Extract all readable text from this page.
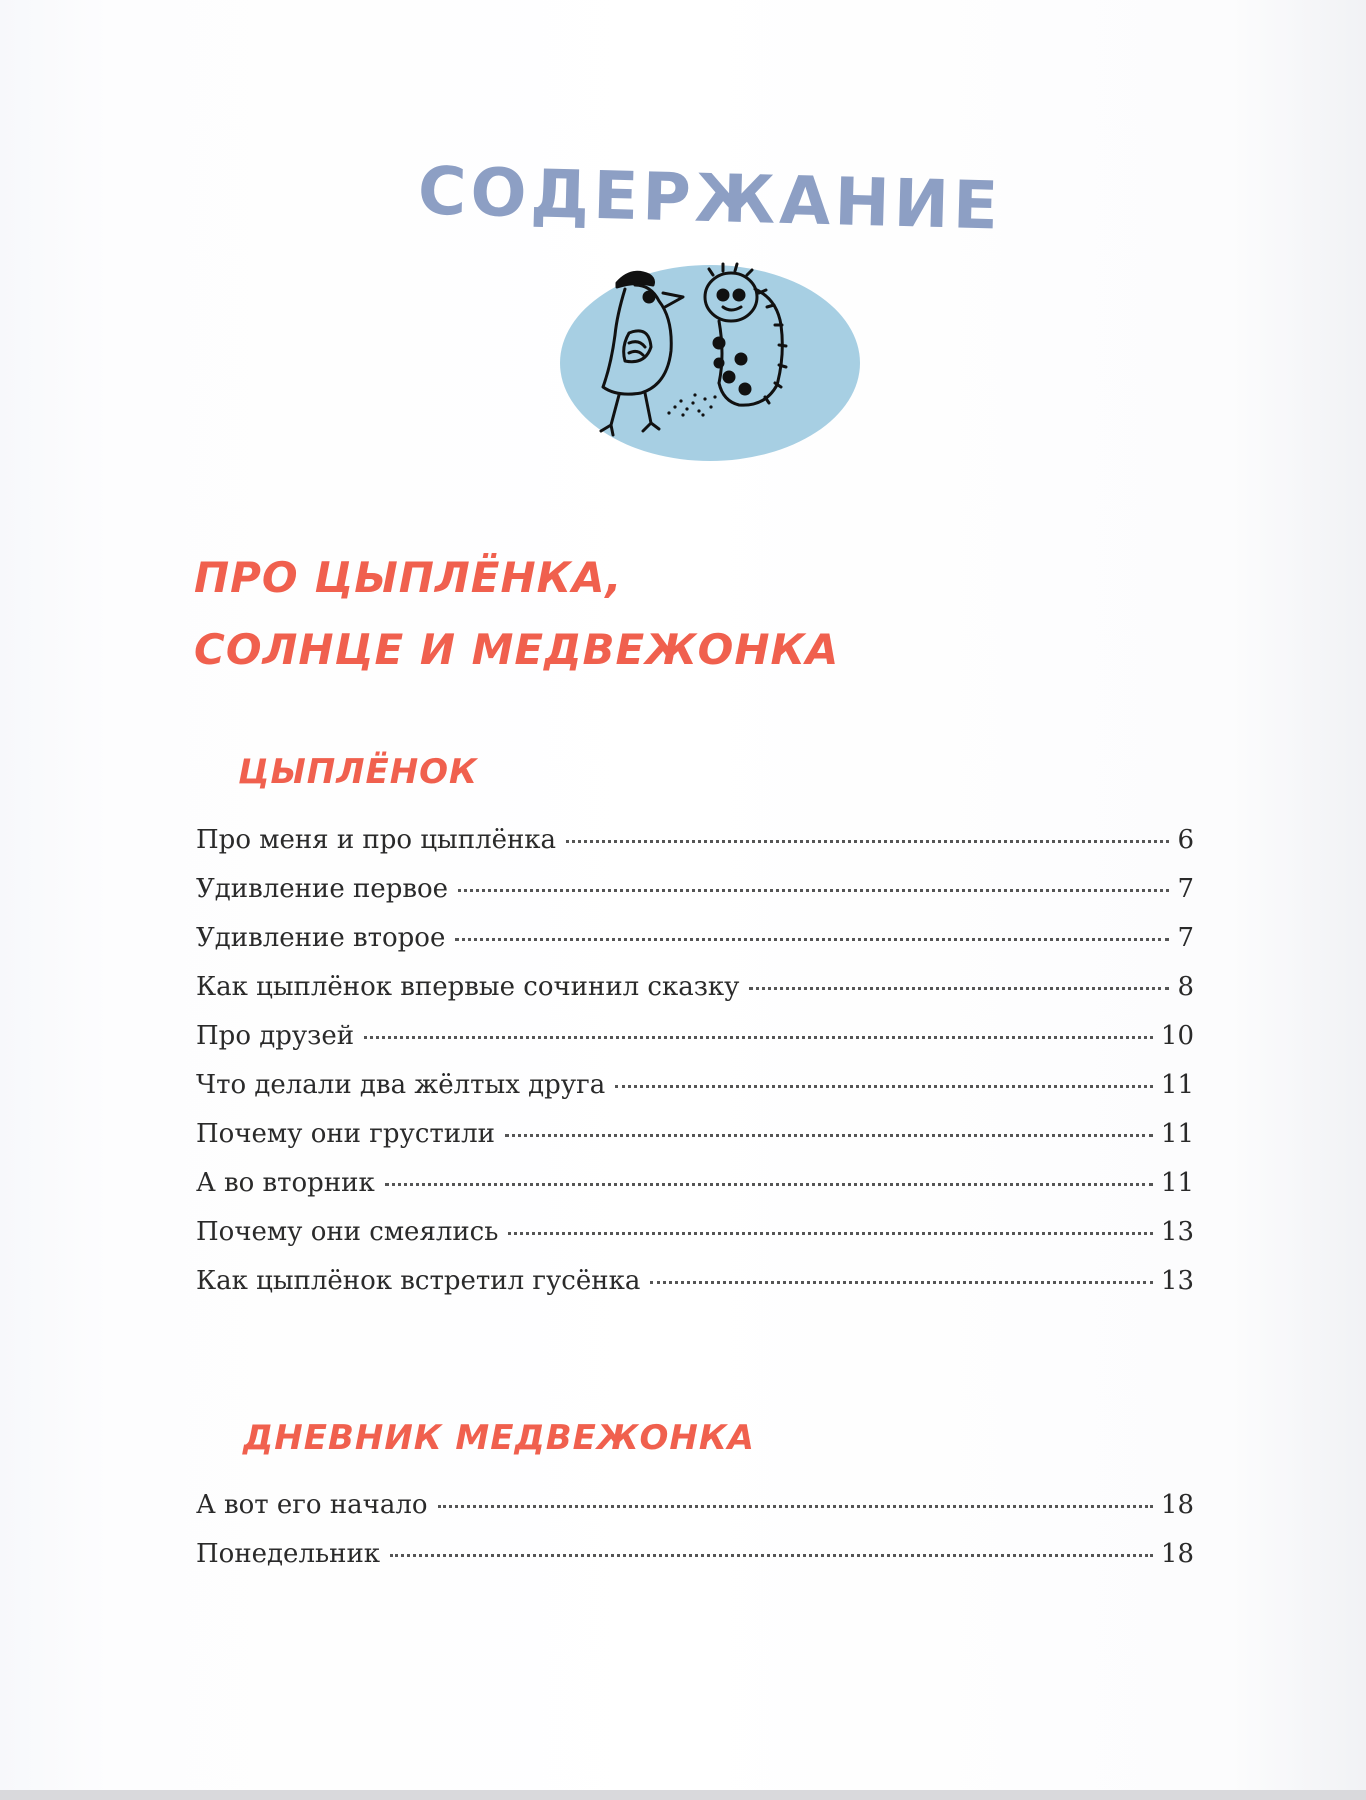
СОДЕРЖАНИЕ
ПРО ЦЫПЛЁНКА,
СОЛНЦЕ И МЕДВЕЖОНКА
ЦЫПЛЁНОК
Про меня и про цыплёнка	6
Удивление первое	7
Удивление второе	7
Как цыплёнок впервые сочинил сказку	8
Про друзей	10
Что делали два жёлтых друга	11
Почему они грустили	11
А во вторник	11
Почему они смеялись	13
Как цыплёнок встретил гусёнка	13
ДНЕВНИК МЕДВЕЖОНКА
А вот его начало	18
Понедельник	18
